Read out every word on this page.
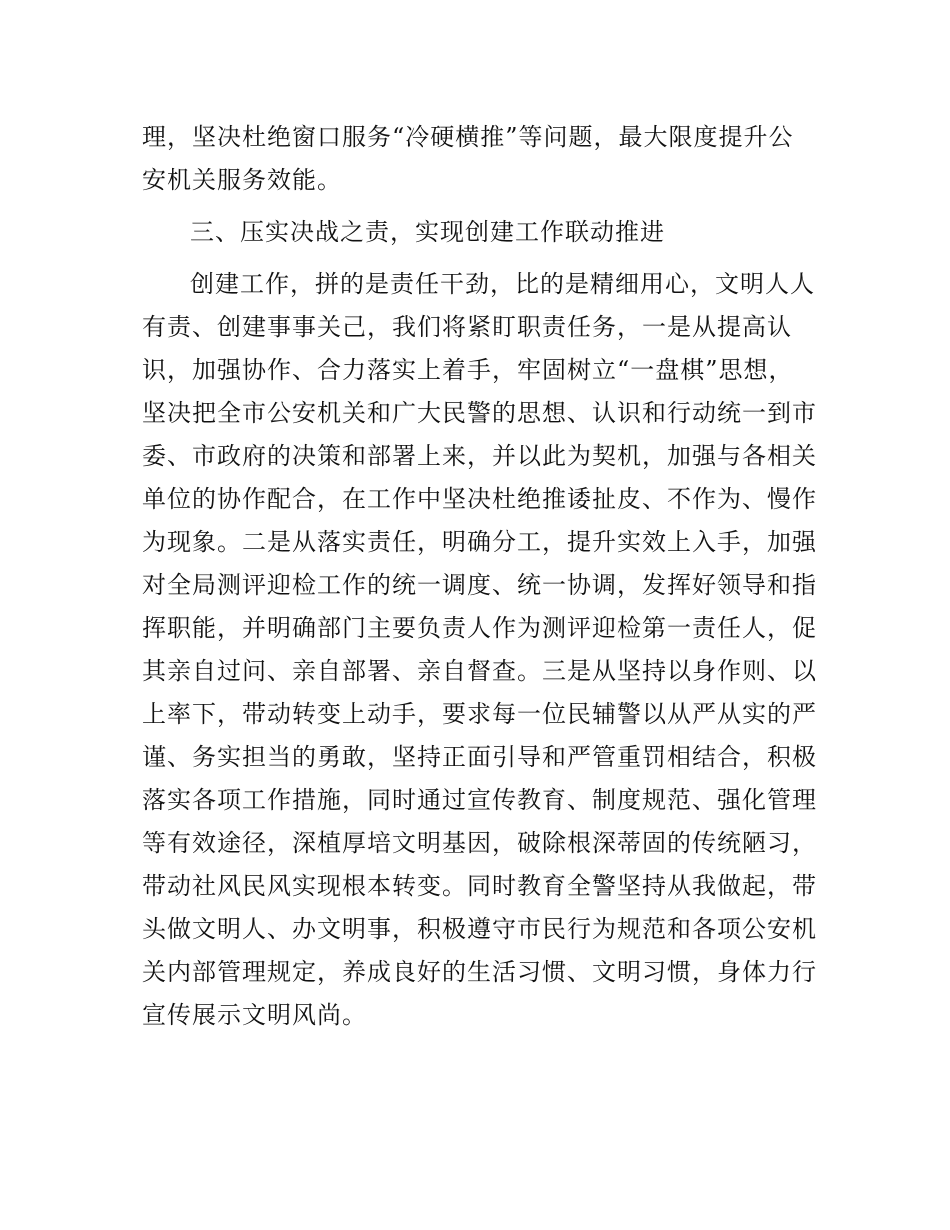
理，坚决杜绝窗口服务“冷硬横推”等问题，最大限度提升公
安机关服务效能。
三、压实决战之责，实现创建工作联动推进
创建工作，拼的是责任干劲，比的是精细用心，文明人人
有责、创建事事关己，我们将紧盯职责任务，一是从提高认
识，加强协作、合力落实上着手，牢固树立“一盘棋”思想，
坚决把全市公安机关和广大民警的思想、认识和行动统一到市
委、市政府的决策和部署上来，并以此为契机，加强与各相关
单位的协作配合，在工作中坚决杜绝推诿扯皮、不作为、慢作
为现象。二是从落实责任，明确分工，提升实效上入手，加强
对全局测评迎检工作的统一调度、统一协调，发挥好领导和指
挥职能，并明确部门主要负责人作为测评迎检第一责任人，促
其亲自过问、亲自部署、亲自督查。三是从坚持以身作则、以
上率下，带动转变上动手，要求每一位民辅警以从严从实的严
谨、务实担当的勇敢，坚持正面引导和严管重罚相结合，积极
落实各项工作措施，同时通过宣传教育、制度规范、强化管理
等有效途径，深植厚培文明基因，破除根深蒂固的传统陋习，
带动社风民风实现根本转变。同时教育全警坚持从我做起，带
头做文明人、办文明事，积极遵守市民行为规范和各项公安机
关内部管理规定，养成良好的生活习惯、文明习惯，身体力行
宣传展示文明风尚。
